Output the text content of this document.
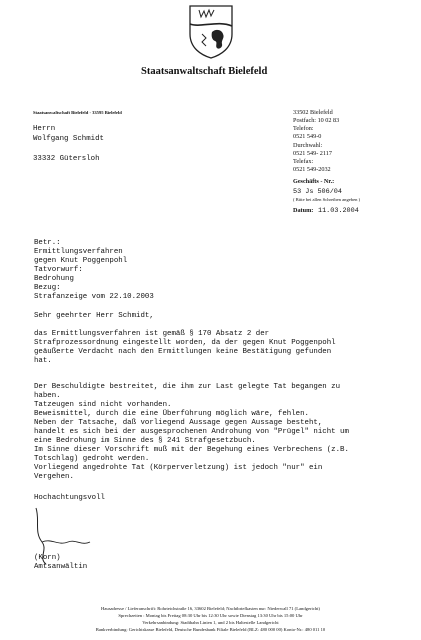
Staatsanwaltschaft Bielefeld
Staatsanwaltschaft Bielefeld · 33595 Bielefeld
Herrn
Wolfgang Schmidt
33332 Gütersloh
33502 Bielefeld
Postfach: 10 02 83
Telefon:
0521 549-0
Durchwahl:
0521 549- 2117
Telefax:
0521 549-2032
Geschäfts - Nr.:
53 Js 506/04
( Bitte bei allen Schreiben angeben )
Datum: 11.03.2004
Betr.:
Ermittlungsverfahren
gegen Knut Poggenpohl
Tatvorwurf:
Bedrohung
Bezug:
Strafanzeige vom 22.10.2003
Sehr geehrter Herr Schmidt,
das Ermittlungsverfahren ist gemäß § 170 Absatz 2 der
Strafprozessordnung eingestellt worden, da der gegen Knut Poggenpohl
geäußerte Verdacht nach den Ermittlungen keine Bestätigung gefunden
hat.
Der Beschuldigte bestreitet, die ihm zur Last gelegte Tat begangen zu
haben.
Tatzeugen sind nicht vorhanden.
Beweismittel, durch die eine Überführung möglich wäre, fehlen.
Neben der Tatsache, daß vorliegend Aussage gegen Aussage besteht,
handelt es sich bei der ausgesprochenen Androhung von "Prügel" nicht um
eine Bedrohung im Sinne des § 241 Strafgesetzbuch.
Im Sinne dieser Vorschrift muß mit der Begehung eines Verbrechens (z.B.
Totschlag) gedroht werden.
Vorliegend angedrohte Tat (Körperverletzung) ist jedoch "nur" ein
Vergehen.
Hochachtungsvoll
(Korn)
Amtsanwältin
Hausadresse / Lieferanschrift: Rohrteichstraße 16, 33602 Bielefeld; Nachtbriefkasten nur: Niederwall 71 (Landgericht)
Sprechzeiten : Montag bis Freitag 08:30 Uhr bis 12:30 Uhr sowie Dienstag 13:30 Uhr bis 15:00 Uhr
Verkehrsanbindung: Stadtbahn Linien 1, und 2 bis Haltestelle Landgericht
Bankverbindung: Gerichtskasse Bielefeld, Deutsche Bundesbank Filiale Bielefeld (BLZ: 480 000 00) Konto-Nr.: 480 011 10
